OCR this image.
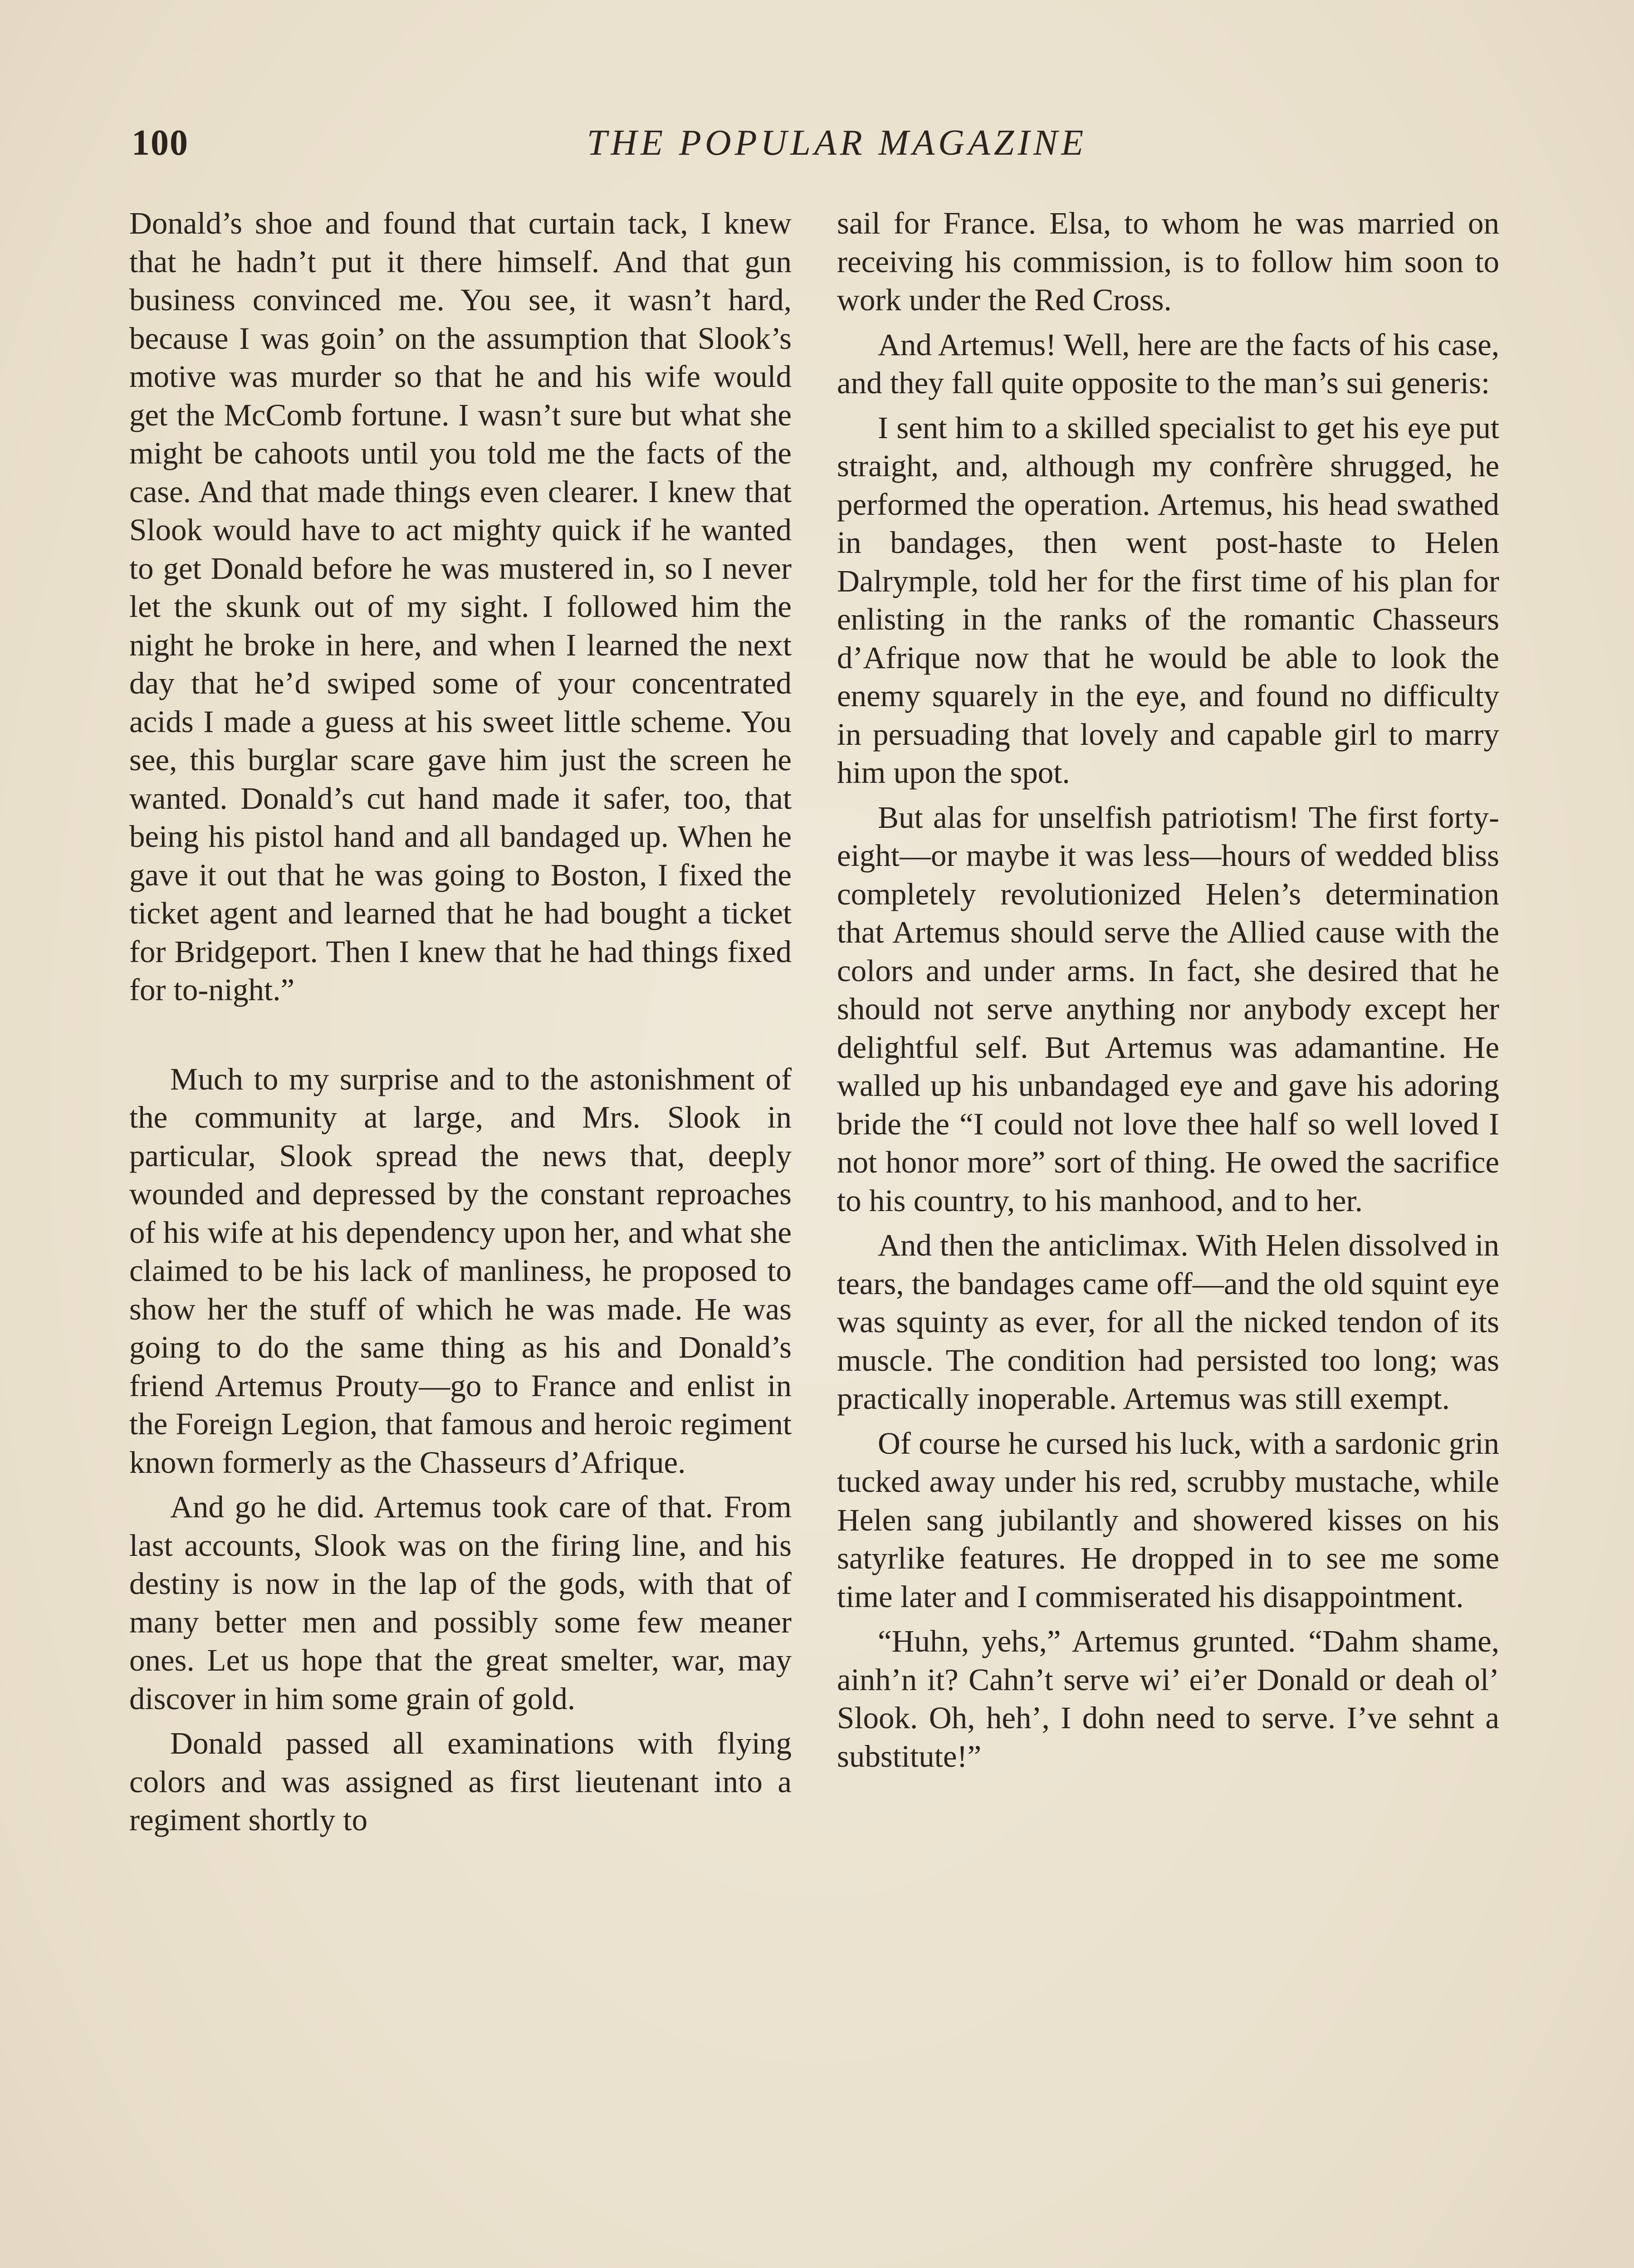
100	THE POPULAR MAGAZINE

Donald’s shoe and found that curtain tack, I knew that he hadn’t put it there himself. And that gun business convinced me. You see, it wasn’t hard, because I was goin’ on the assumption that Slook’s motive was murder so that he and his wife would get the McComb fortune. I wasn’t sure but what she might be cahoots until you told me the facts of the case. And that made things even clearer. I knew that Slook would have to act mighty quick if he wanted to get Donald before he was mustered in, so I never let the skunk out of my sight. I followed him the night he broke in here, and when I learned the next day that he’d swiped some of your concentrated acids I made a guess at his sweet little scheme. You see, this burglar scare gave him just the screen he wanted. Donald’s cut hand made it safer, too, that being his pistol hand and all bandaged up. When he gave it out that he was going to Boston, I fixed the ticket agent and learned that he had bought a ticket for Bridgeport. Then I knew that he had things fixed for to-night.”

Much to my surprise and to the astonishment of the community at large, and Mrs. Slook in particular, Slook spread the news that, deeply wounded and depressed by the constant reproaches of his wife at his dependency upon her, and what she claimed to be his lack of manliness, he proposed to show her the stuff of which he was made. He was going to do the same thing as his and Donald’s friend Artemus Prouty—go to France and enlist in the Foreign Legion, that famous and heroic regiment known formerly as the Chasseurs d’Afrique.

And go he did. Artemus took care of that. From last accounts, Slook was on the firing line, and his destiny is now in the lap of the gods, with that of many better men and possibly some few meaner ones. Let us hope that the great smelter, war, may discover in him some grain of gold.

Donald passed all examinations with flying colors and was assigned as first lieutenant into a regiment shortly to

sail for France. Elsa, to whom he was married on receiving his commission, is to follow him soon to work under the Red Cross.

And Artemus! Well, here are the facts of his case, and they fall quite opposite to the man’s sui generis:

I sent him to a skilled specialist to get his eye put straight, and, although my confrère shrugged, he performed the operation. Artemus, his head swathed in bandages, then went post-haste to Helen Dalrymple, told her for the first time of his plan for enlisting in the ranks of the romantic Chasseurs d’Afrique now that he would be able to look the enemy squarely in the eye, and found no difficulty in persuading that lovely and capable girl to marry him upon the spot.

But alas for unselfish patriotism! The first forty-eight—or maybe it was less—hours of wedded bliss completely revolutionized Helen’s determination that Artemus should serve the Allied cause with the colors and under arms. In fact, she desired that he should not serve anything nor anybody except her delightful self. But Artemus was adamantine. He walled up his unbandaged eye and gave his adoring bride the “I could not love thee half so well loved I not honor more” sort of thing. He owed the sacrifice to his country, to his manhood, and to her.

And then the anticlimax. With Helen dissolved in tears, the bandages came off—and the old squint eye was squinty as ever, for all the nicked tendon of its muscle. The condition had persisted too long; was practically inoperable. Artemus was still exempt.

Of course he cursed his luck, with a sardonic grin tucked away under his red, scrubby mustache, while Helen sang jubilantly and showered kisses on his satyrlike features. He dropped in to see me some time later and I commiserated his disappointment.

“Huhn, yehs,” Artemus grunted. “Dahm shame, ainh’n it? Cahn’t serve wi’ ei’er Donald or deah ol’ Slook. Oh, heh’, I dohn need to serve. I’ve sehnt a substitute!”
